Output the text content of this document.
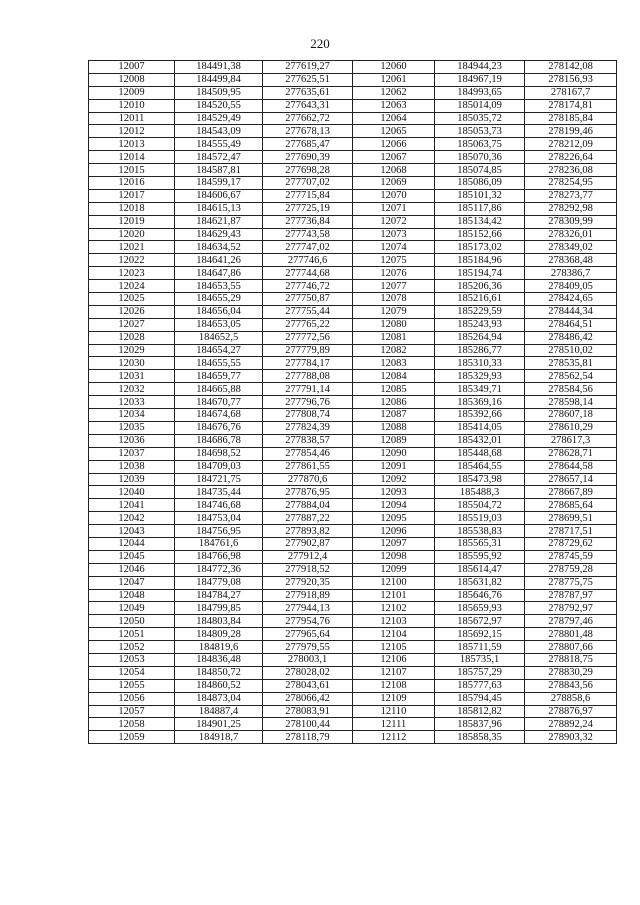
220
12007	184491,38	277619,27	12060	184944,23	278142,08
12008	184499,84	277625,51	12061	184967,19	278156,93
12009	184509,95	277635,61	12062	184993,65	278167,7
12010	184520,55	277643,31	12063	185014,09	278174,81
12011	184529,49	277662,72	12064	185035,72	278185,84
12012	184543,09	277678,13	12065	185053,73	278199,46
12013	184555,49	277685,47	12066	185063,75	278212,09
12014	184572,47	277690,39	12067	185070,36	278226,64
12015	184587,81	277698,28	12068	185074,85	278236,08
12016	184599,17	277707,02	12069	185086,09	278254,95
12017	184606,67	277715,84	12070	185101,32	278273,77
12018	184615,13	277725,19	12071	185117,86	278292,98
12019	184621,87	277736,84	12072	185134,42	278309,99
12020	184629,43	277743,58	12073	185152,66	278326,01
12021	184634,52	277747,02	12074	185173,02	278349,02
12022	184641,26	277746,6	12075	185184,96	278368,48
12023	184647,86	277744,68	12076	185194,74	278386,7
12024	184653,55	277746,72	12077	185206,36	278409,05
12025	184655,29	277750,87	12078	185216,61	278424,65
12026	184656,04	277755,44	12079	185229,59	278444,34
12027	184653,05	277765,22	12080	185243,93	278464,51
12028	184652,5	277772,56	12081	185264,94	278486,42
12029	184654,27	277779,89	12082	185286,77	278510,02
12030	184655,55	277784,17	12083	185310,33	278535,81
12031	184659,77	277788,08	12084	185329,93	278562,54
12032	184665,88	277791,14	12085	185349,71	278584,56
12033	184670,77	277796,76	12086	185369,16	278598,14
12034	184674,68	277808,74	12087	185392,66	278607,18
12035	184676,76	277824,39	12088	185414,05	278610,29
12036	184686,78	277838,57	12089	185432,01	278617,3
12037	184698,52	277854,46	12090	185448,68	278628,71
12038	184709,03	277861,55	12091	185464,55	278644,58
12039	184721,75	277870,6	12092	185473,98	278657,14
12040	184735,44	277876,95	12093	185488,3	278667,89
12041	184746,68	277884,04	12094	185504,72	278685,64
12042	184753,04	277887,22	12095	185519,03	278699,51
12043	184756,95	277893,82	12096	185538,83	278717,51
12044	184761,6	277902,87	12097	185565,31	278729,62
12045	184766,98	277912,4	12098	185595,92	278745,59
12046	184772,36	277918,52	12099	185614,47	278759,28
12047	184779,08	277920,35	12100	185631,82	278775,75
12048	184784,27	277918,89	12101	185646,76	278787,97
12049	184799,85	277944,13	12102	185659,93	278792,97
12050	184803,84	277954,76	12103	185672,97	278797,46
12051	184809,28	277965,64	12104	185692,15	278801,48
12052	184819,6	277979,55	12105	185711,59	278807,66
12053	184836,48	278003,1	12106	185735,1	278818,75
12054	184850,72	278028,02	12107	185757,29	278830,29
12055	184860,52	278043,61	12108	185777,63	278843,56
12056	184873,04	278066,42	12109	185794,45	278858,6
12057	184887,4	278083,91	12110	185812,82	278876,97
12058	184901,25	278100,44	12111	185837,96	278892,24
12059	184918,7	278118,79	12112	185858,35	278903,32
